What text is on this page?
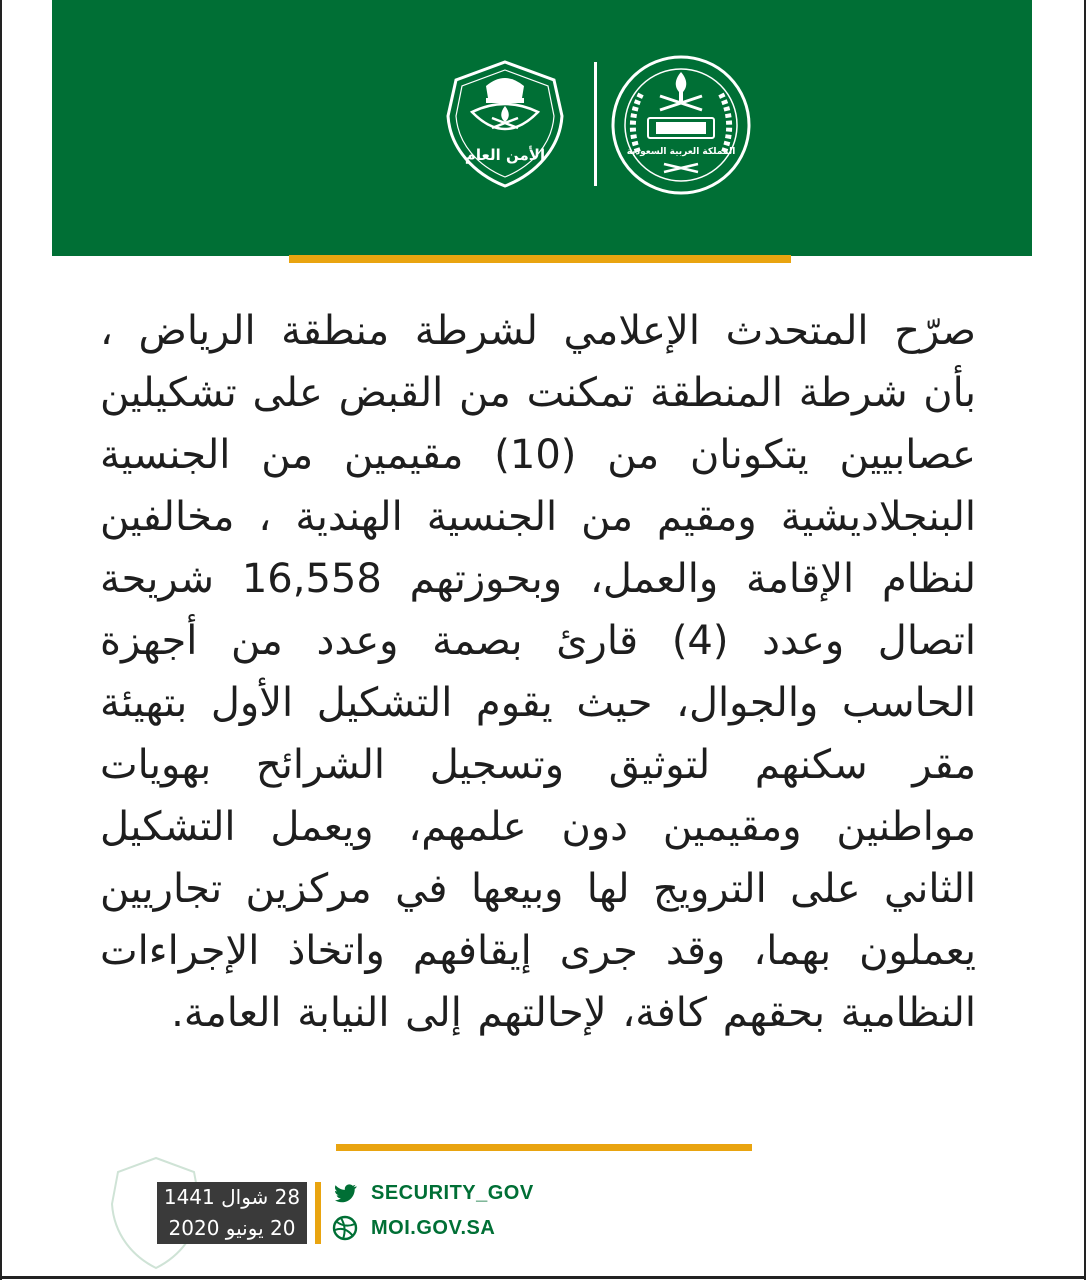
الأمن العام	المملكة العربية السعودية

صرّح المتحدث الإعلامي لشرطة منطقة الرياض ، بأن شرطة المنطقة تمكنت من القبض على تشكيلين عصابيين يتكونان من (10) مقيمين من الجنسية البنجلاديشية ومقيم من الجنسية الهندية ، مخالفين لنظام الإقامة والعمل، وبحوزتهم 16,558 شريحة اتصال وعدد (4) قارئ بصمة وعدد من أجهزة الحاسب والجوال، حيث يقوم التشكيل الأول بتهيئة مقر سكنهم لتوثيق وتسجيل الشرائح بهويات مواطنين ومقيمين دون علمهم، ويعمل التشكيل الثاني على الترويج لها وبيعها في مركزين تجاريين يعملون بهما، وقد جرى إيقافهم واتخاذ الإجراءات النظامية بحقهم كافة، لإحالتهم إلى النيابة العامة.

28 شوال 1441
20 يونيو 2020
SECURITY_GOV
MOI.GOV.SA
